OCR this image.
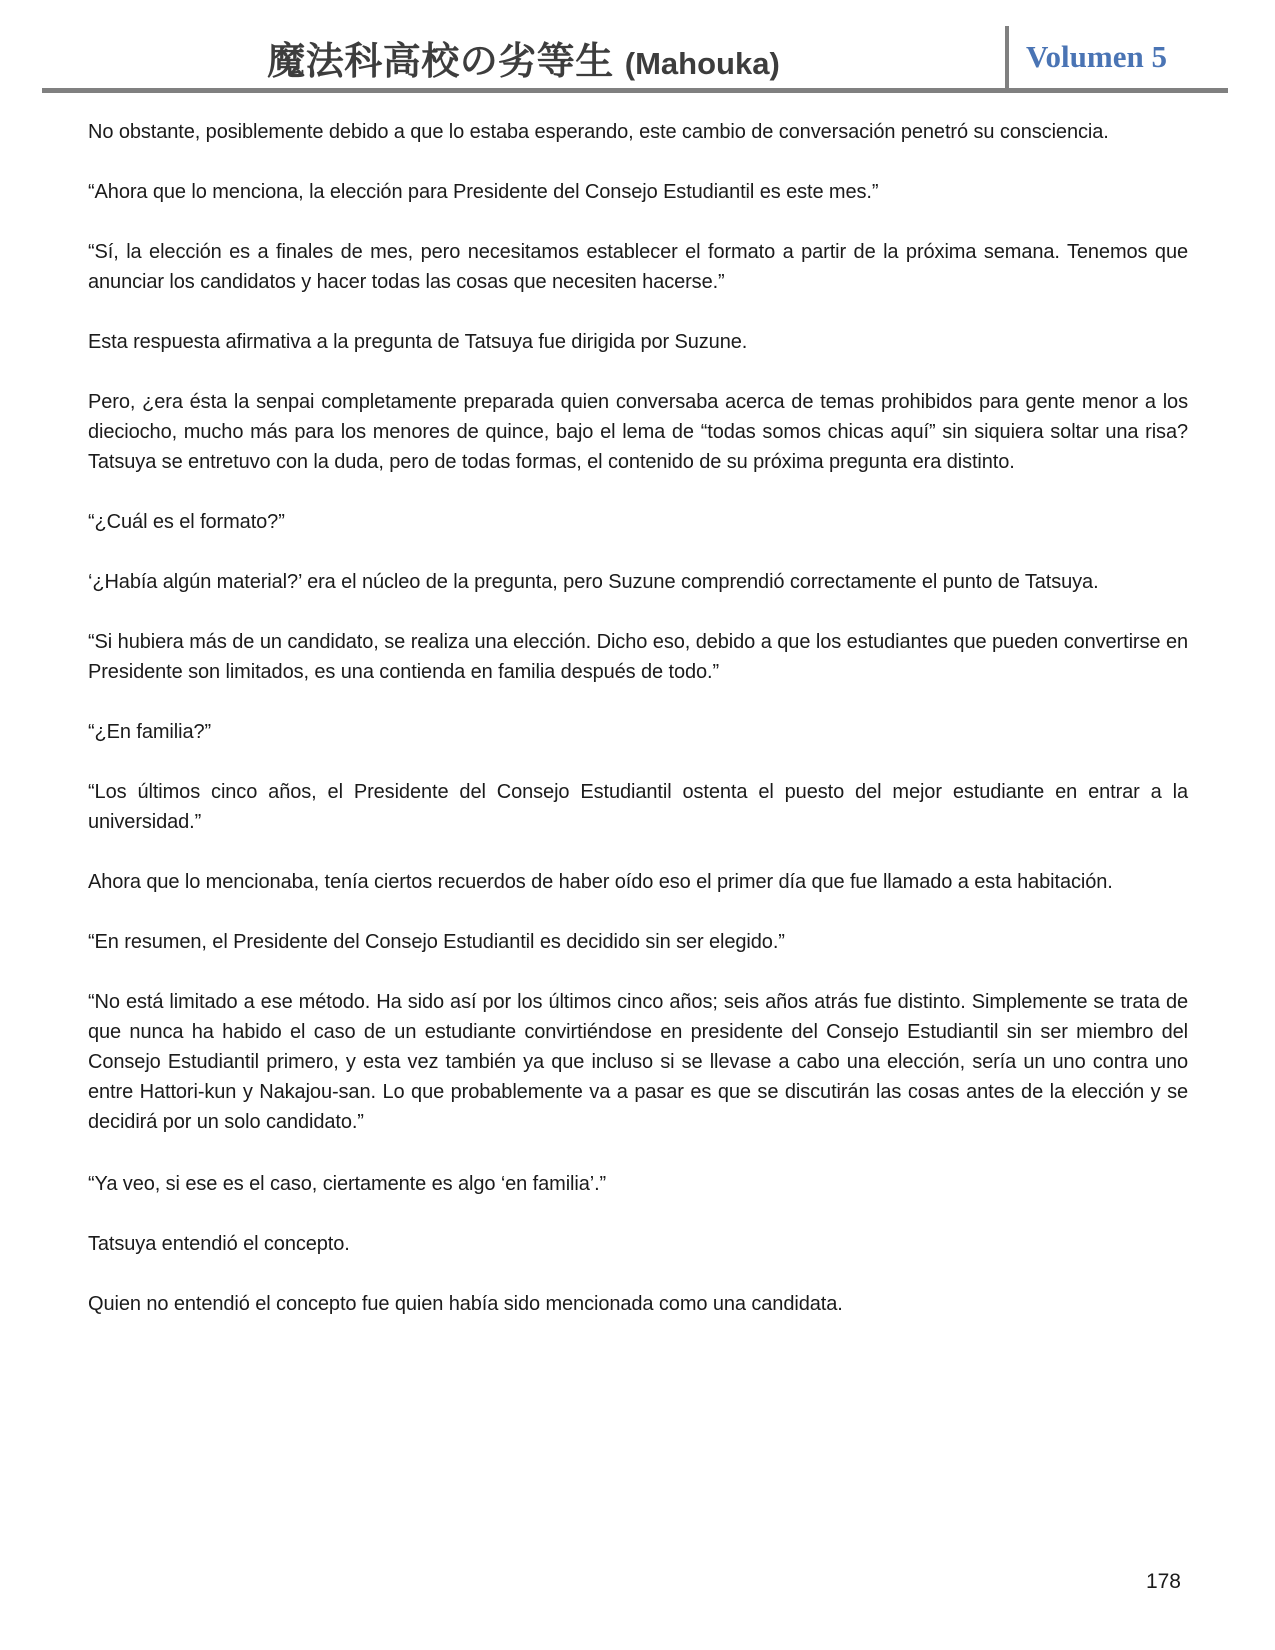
魔法科高校の劣等生 (Mahouka)	Volumen 5

No obstante, posiblemente debido a que lo estaba esperando, este cambio de conversación penetró su consciencia.

“Ahora que lo menciona, la elección para Presidente del Consejo Estudiantil es este mes.”

“Sí, la elección es a finales de mes, pero necesitamos establecer el formato a partir de la próxima semana. Tenemos que anunciar los candidatos y hacer todas las cosas que necesiten hacerse.”

Esta respuesta afirmativa a la pregunta de Tatsuya fue dirigida por Suzune.

Pero, ¿era ésta la senpai completamente preparada quien conversaba acerca de temas prohibidos para gente menor a los dieciocho, mucho más para los menores de quince, bajo el lema de “todas somos chicas aquí” sin siquiera soltar una risa? Tatsuya se entretuvo con la duda, pero de todas formas, el contenido de su próxima pregunta era distinto.

“¿Cuál es el formato?”

‘¿Había algún material?’ era el núcleo de la pregunta, pero Suzune comprendió correctamente el punto de Tatsuya.

“Si hubiera más de un candidato, se realiza una elección. Dicho eso, debido a que los estudiantes que pueden convertirse en Presidente son limitados, es una contienda en familia después de todo.”

“¿En familia?”

“Los últimos cinco años, el Presidente del Consejo Estudiantil ostenta el puesto del mejor estudiante en entrar a la universidad.”

Ahora que lo mencionaba, tenía ciertos recuerdos de haber oído eso el primer día que fue llamado a esta habitación.

“En resumen, el Presidente del Consejo Estudiantil es decidido sin ser elegido.”

“No está limitado a ese método. Ha sido así por los últimos cinco años; seis años atrás fue distinto. Simplemente se trata de que nunca ha habido el caso de un estudiante convirtiéndose en presidente del Consejo Estudiantil sin ser miembro del Consejo Estudiantil primero, y esta vez también ya que incluso si se llevase a cabo una elección, sería un uno contra uno entre Hattori-kun y Nakajou-san. Lo que probablemente va a pasar es que se discutirán las cosas antes de la elección y se decidirá por un solo candidato.”

“Ya veo, si ese es el caso, ciertamente es algo ‘en familia’.”

Tatsuya entendió el concepto.

Quien no entendió el concepto fue quien había sido mencionada como una candidata.

178
